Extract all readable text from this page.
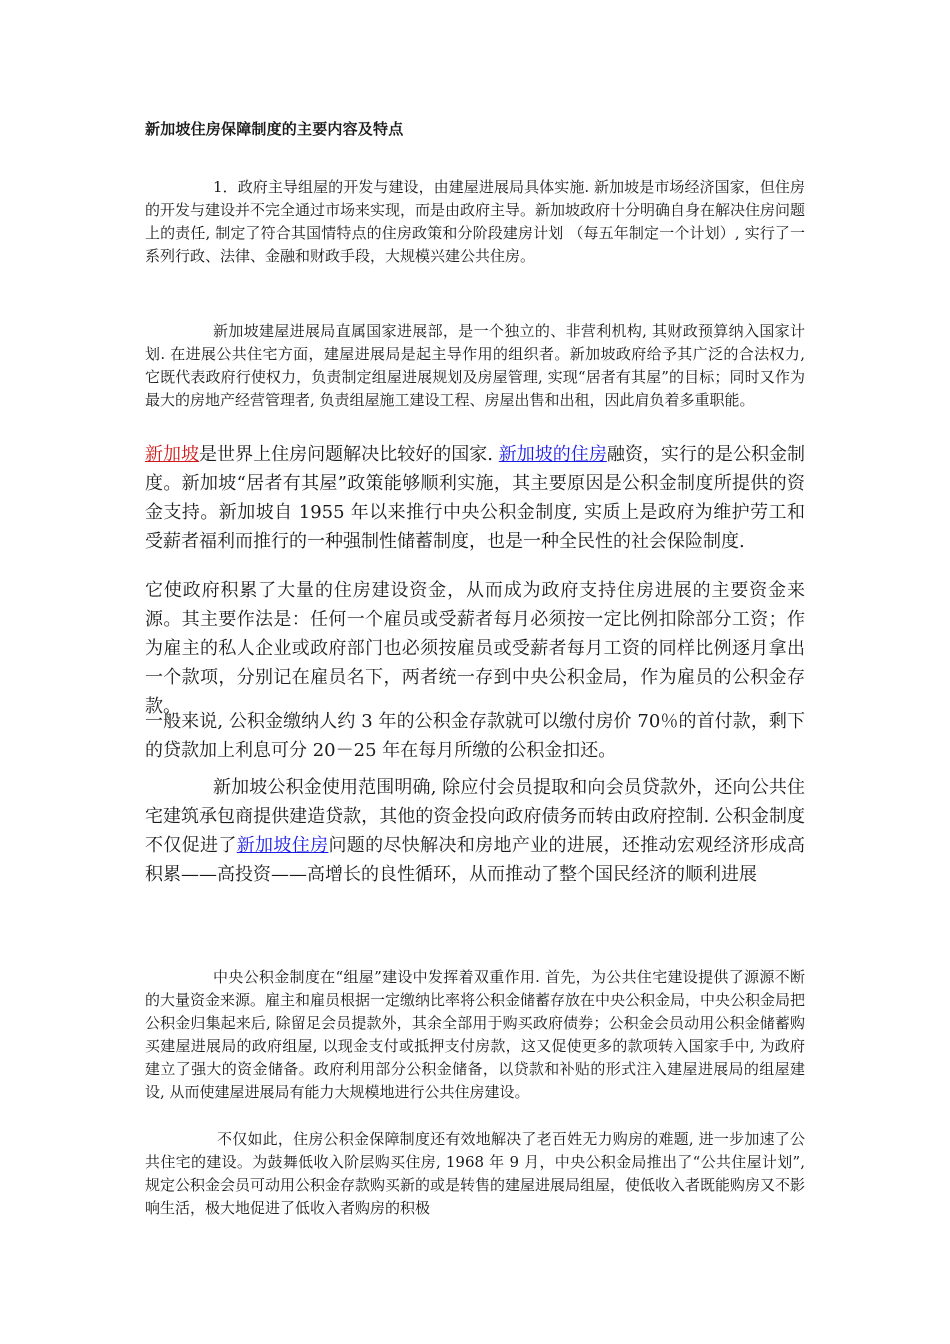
新加坡住房保障制度的主要内容及特点

1．政府主导组屋的开发与建设，由建屋进展局具体实施. 新加坡是市场经济国家，但住房的开发与建设并不完全通过市场来实现，而是由政府主导。新加坡政府十分明确自身在解决住房问题上的责任, 制定了符合其国情特点的住房政策和分阶段建房计划 （每五年制定一个计划）, 实行了一系列行政、法律、金融和财政手段，大规模兴建公共住房。

新加坡建屋进展局直属国家进展部，是一个独立的、非营利机构, 其财政预算纳入国家计划. 在进展公共住宅方面，建屋进展局是起主导作用的组织者。新加坡政府给予其广泛的合法权力, 它既代表政府行使权力，负责制定组屋进展规划及房屋管理, 实现“居者有其屋”的目标；同时又作为最大的房地产经营管理者, 负责组屋施工建设工程、房屋出售和出租，因此肩负着多重职能。

新加坡是世界上住房问题解决比较好的国家. 新加坡的住房融资，实行的是公积金制度。新加坡“居者有其屋”政策能够顺利实施，其主要原因是公积金制度所提供的资金支持。新加坡自 1955 年以来推行中央公积金制度, 实质上是政府为维护劳工和受薪者福利而推行的一种强制性储蓄制度，也是一种全民性的社会保险制度.

它使政府积累了大量的住房建设资金，从而成为政府支持住房进展的主要资金来源。其主要作法是：任何一个雇员或受薪者每月必须按一定比例扣除部分工资；作为雇主的私人企业或政府部门也必须按雇员或受薪者每月工资的同样比例逐月拿出一个款项，分别记在雇员名下，两者统一存到中央公积金局，作为雇员的公积金存款。

一般来说, 公积金缴纳人约 3 年的公积金存款就可以缴付房价 70％的首付款，剩下的贷款加上利息可分 20－25 年在每月所缴的公积金扣还。

新加坡公积金使用范围明确, 除应付会员提取和向会员贷款外，还向公共住宅建筑承包商提供建造贷款，其他的资金投向政府债务而转由政府控制. 公积金制度不仅促进了新加坡住房问题的尽快解决和房地产业的进展，还推动宏观经济形成高积累——高投资——高增长的良性循环，从而推动了整个国民经济的顺利进展

中央公积金制度在“组屋”建设中发挥着双重作用. 首先，为公共住宅建设提供了源源不断的大量资金来源。雇主和雇员根据一定缴纳比率将公积金储蓄存放在中央公积金局，中央公积金局把公积金归集起来后, 除留足会员提款外，其余全部用于购买政府债券；公积金会员动用公积金储蓄购买建屋进展局的政府组屋, 以现金支付或抵押支付房款，这又促使更多的款项转入国家手中, 为政府建立了强大的资金储备。政府利用部分公积金储备，以贷款和补贴的形式注入建屋进展局的组屋建设, 从而使建屋进展局有能力大规模地进行公共住房建设。

不仅如此，住房公积金保障制度还有效地解决了老百姓无力购房的难题, 进一步加速了公共住宅的建设。为鼓舞低收入阶层购买住房, 1968 年 9 月，中央公积金局推出了“公共住屋计划”, 规定公积金会员可动用公积金存款购买新的或是转售的建屋进展局组屋，使低收入者既能购房又不影响生活，极大地促进了低收入者购房的积极
